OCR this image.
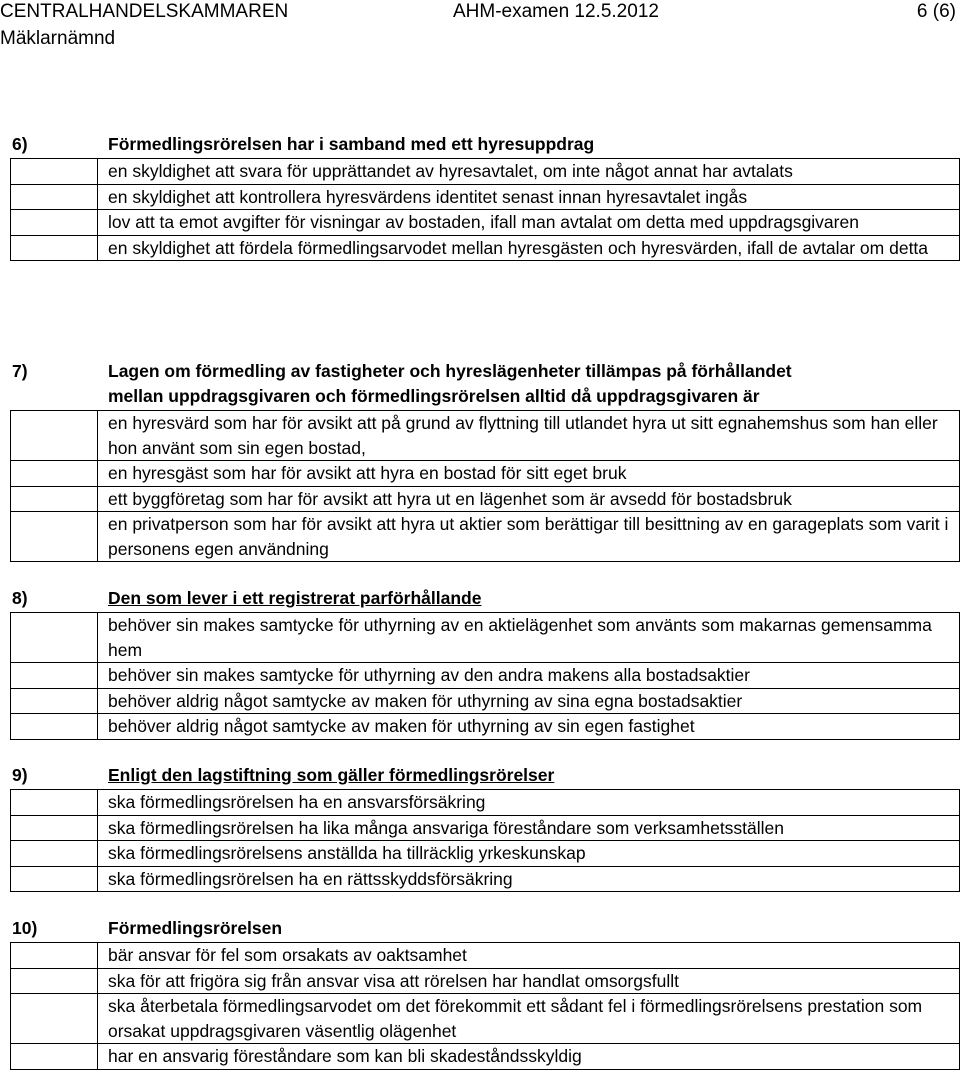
CENTRALHANDELSKAMMAREN	AHM-examen 12.5.2012	6 (6)
Mäklarnämnd
6)	Förmedlingsrörelsen har i samband med ett hyresuppdrag
	en skyldighet att svara för upprättandet av hyresavtalet, om inte något annat har avtalats
	en skyldighet att kontrollera hyresvärdens identitet senast innan hyresavtalet ingås
	lov att ta emot avgifter för visningar av bostaden, ifall man avtalat om detta med uppdragsgivaren
	en skyldighet att fördela förmedlingsarvodet mellan hyresgästen och hyresvärden, ifall de avtalar om detta
7)	Lagen om förmedling av fastigheter och hyreslägenheter tillämpas på förhållandet
mellan uppdragsgivaren och förmedlingsrörelsen alltid då uppdragsgivaren är
	en hyresvärd som har för avsikt att på grund av flyttning till utlandet hyra ut sitt egnahemshus som han eller hon använt som sin egen bostad,
	en hyresgäst som har för avsikt att hyra en bostad för sitt eget bruk
	ett byggföretag som har för avsikt att hyra ut en lägenhet som är avsedd för bostadsbruk
	en privatperson som har för avsikt att hyra ut aktier som berättigar till besittning av en garageplats som varit i personens egen användning
8)	Den som lever i ett registrerat parförhållande
	behöver sin makes samtycke för uthyrning av en aktielägenhet som använts som makarnas gemensamma hem
	behöver sin makes samtycke för uthyrning av den andra makens alla bostadsaktier
	behöver aldrig något samtycke av maken för uthyrning av sina egna bostadsaktier
	behöver aldrig något samtycke av maken för uthyrning av sin egen fastighet
9)	Enligt den lagstiftning som gäller förmedlingsrörelser
	ska förmedlingsrörelsen ha en ansvarsförsäkring
	ska förmedlingsrörelsen ha lika många ansvariga föreståndare som verksamhetsställen
	ska förmedlingsrörelsens anställda ha tillräcklig yrkeskunskap
	ska förmedlingsrörelsen ha en rättsskyddsförsäkring
10)	Förmedlingsrörelsen
	bär ansvar för fel som orsakats av oaktsamhet
	ska för att frigöra sig från ansvar visa att rörelsen har handlat omsorgsfullt
	ska återbetala förmedlingsarvodet om det förekommit ett sådant fel i förmedlingsrörelsens prestation som orsakat uppdragsgivaren väsentlig olägenhet
	har en ansvarig föreståndare som kan bli skadeståndsskyldig
